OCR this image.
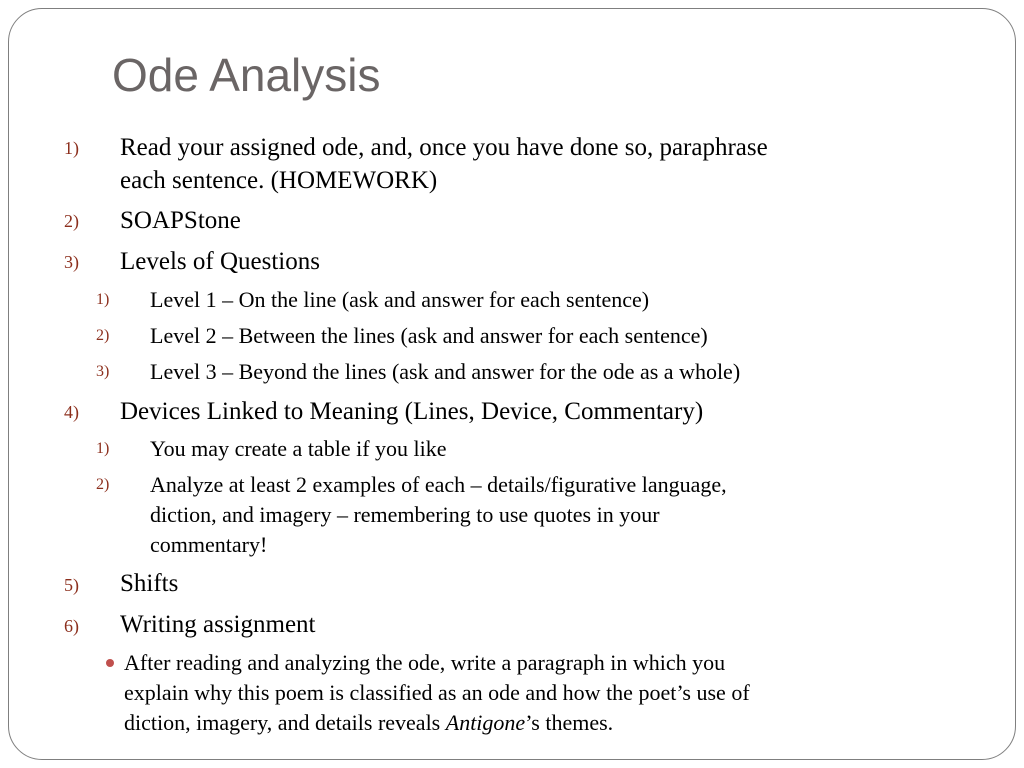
Ode Analysis
1) Read your assigned ode, and, once you have done so, paraphrase
each sentence. (HOMEWORK)
2) SOAPStone
3) Levels of Questions
1) Level 1 – On the line (ask and answer for each sentence)
2) Level 2 – Between the lines (ask and answer for each sentence)
3) Level 3 – Beyond the lines (ask and answer for the ode as a whole)
4) Devices Linked to Meaning (Lines, Device, Commentary)
1) You may create a table if you like
2) Analyze at least 2 examples of each – details/figurative language,
diction, and imagery – remembering to use quotes in your
commentary!
5) Shifts
6) Writing assignment
After reading and analyzing the ode, write a paragraph in which you
explain why this poem is classified as an ode and how the poet’s use of
diction, imagery, and details reveals Antigone’s themes.
